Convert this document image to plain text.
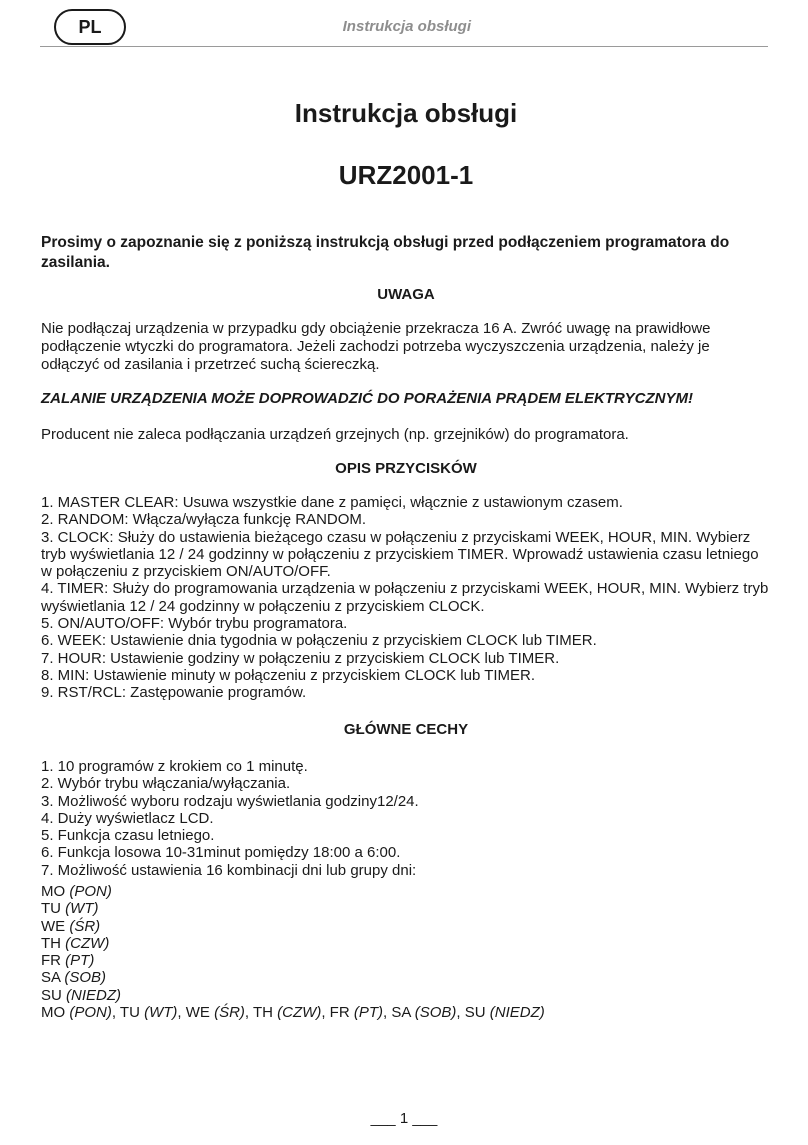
PL	Instrukcja obsługi
Instrukcja obsługi
URZ2001-1

Prosimy o zapoznanie się z poniższą instrukcją obsługi przed podłączeniem programatora do zasilania.

UWAGA

Nie podłączaj urządzenia w przypadku gdy obciążenie przekracza 16 A. Zwróć uwagę na prawidłowe podłączenie wtyczki do programatora. Jeżeli zachodzi potrzeba wyczyszczenia urządzenia, należy je odłączyć od zasilania i przetrzeć suchą ściereczką.

ZALANIE URZĄDZENIA MOŻE DOPROWADZIĆ DO PORAŻENIA PRĄDEM ELEKTRYCZNYM!

Producent nie zaleca podłączania urządzeń grzejnych (np. grzejników) do programatora.

OPIS PRZYCISKÓW

1. MASTER CLEAR: Usuwa wszystkie dane z pamięci, włącznie z ustawionym czasem.
2. RANDOM: Włącza/wyłącza funkcję RANDOM.
3. CLOCK: Służy do ustawienia bieżącego czasu w połączeniu z przyciskami WEEK, HOUR, MIN. Wybierz tryb wyświetlania 12 / 24 godzinny w połączeniu z przyciskiem TIMER. Wprowadź ustawienia czasu letniego w połączeniu z przyciskiem ON/AUTO/OFF.
4. TIMER: Służy do programowania urządzenia w połączeniu z przyciskami WEEK, HOUR, MIN. Wybierz tryb wyświetlania 12 / 24 godzinny w połączeniu z przyciskiem CLOCK.
5. ON/AUTO/OFF: Wybór trybu programatora.
6. WEEK: Ustawienie dnia tygodnia w połączeniu z przyciskiem CLOCK lub TIMER.
7. HOUR: Ustawienie godziny w połączeniu z przyciskiem CLOCK lub TIMER.
8. MIN: Ustawienie minuty w połączeniu z przyciskiem CLOCK lub TIMER.
9. RST/RCL: Zastępowanie programów.

GŁÓWNE CECHY

1. 10 programów z krokiem co 1 minutę.
2. Wybór trybu włączania/wyłączania.
3. Możliwość wyboru rodzaju wyświetlania godziny12/24.
4. Duży wyświetlacz LCD.
5. Funkcja czasu letniego.
6. Funkcja losowa 10-31minut pomiędzy 18:00 a 6:00.
7. Możliwość ustawienia 16 kombinacji dni lub grupy dni:
MO (PON)
TU (WT)
WE (ŚR)
TH (CZW)
FR (PT)
SA (SOB)
SU (NIEDZ)
MO (PON), TU (WT), WE (ŚR), TH (CZW), FR (PT), SA (SOB), SU (NIEDZ)
___ 1 ___
